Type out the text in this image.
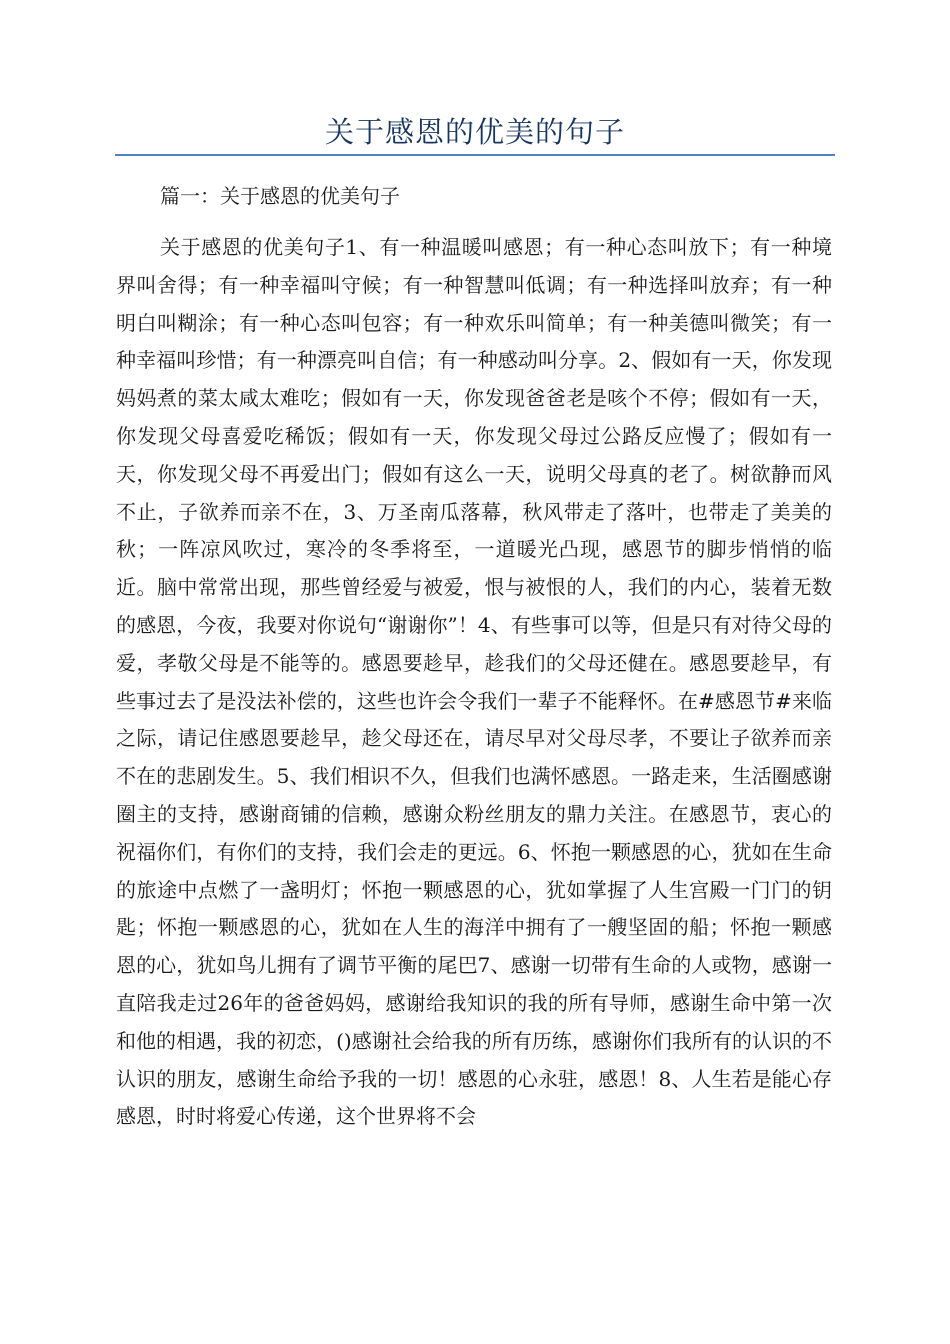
关于感恩的优美的句子
篇一：关于感恩的优美句子
关于感恩的优美句子1、有一种温暖叫感恩；有一种心态叫放下；有一种境界叫舍得；有一种幸福叫守候；有一种智慧叫低调；有一种选择叫放弃；有一种明白叫糊涂；有一种心态叫包容；有一种欢乐叫简单；有一种美德叫微笑；有一种幸福叫珍惜；有一种漂亮叫自信；有一种感动叫分享。2、假如有一天，你发现妈妈煮的菜太咸太难吃；假如有一天，你发现爸爸老是咳个不停；假如有一天，你发现父母喜爱吃稀饭；假如有一天，你发现父母过公路反应慢了；假如有一天，你发现父母不再爱出门；假如有这么一天，说明父母真的老了。树欲静而风不止，子欲养而亲不在，3、万圣南瓜落幕，秋风带走了落叶，也带走了美美的秋；一阵凉风吹过，寒冷的冬季将至，一道暖光凸现，感恩节的脚步悄悄的临近。脑中常常出现，那些曾经爱与被爱，恨与被恨的人，我们的内心，装着无数的感恩，今夜，我要对你说句“谢谢你”！4、有些事可以等，但是只有对待父母的爱，孝敬父母是不能等的。感恩要趁早，趁我们的父母还健在。感恩要趁早，有些事过去了是没法补偿的，这些也许会令我们一辈子不能释怀。在#感恩节#来临之际，请记住感恩要趁早，趁父母还在，请尽早对父母尽孝，不要让子欲养而亲不在的悲剧发生。5、我们相识不久，但我们也满怀感恩。一路走来，生活圈感谢圈主的支持，感谢商铺的信赖，感谢众粉丝朋友的鼎力关注。在感恩节，衷心的祝福你们，有你们的支持，我们会走的更远。6、怀抱一颗感恩的心，犹如在生命的旅途中点燃了一盏明灯；怀抱一颗感恩的心，犹如掌握了人生宫殿一门门的钥匙；怀抱一颗感恩的心，犹如在人生的海洋中拥有了一艘坚固的船；怀抱一颗感恩的心，犹如鸟儿拥有了调节平衡的尾巴7、感谢一切带有生命的人或物，感谢一直陪我走过26年的爸爸妈妈，感谢给我知识的我的所有导师，感谢生命中第一次和他的相遇，我的初恋，()感谢社会给我的所有历练，感谢你们我所有的认识的不认识的朋友，感谢生命给予我的一切！感恩的心永驻，感恩！8、人生若是能心存感恩，时时将爱心传递，这个世界将不会
